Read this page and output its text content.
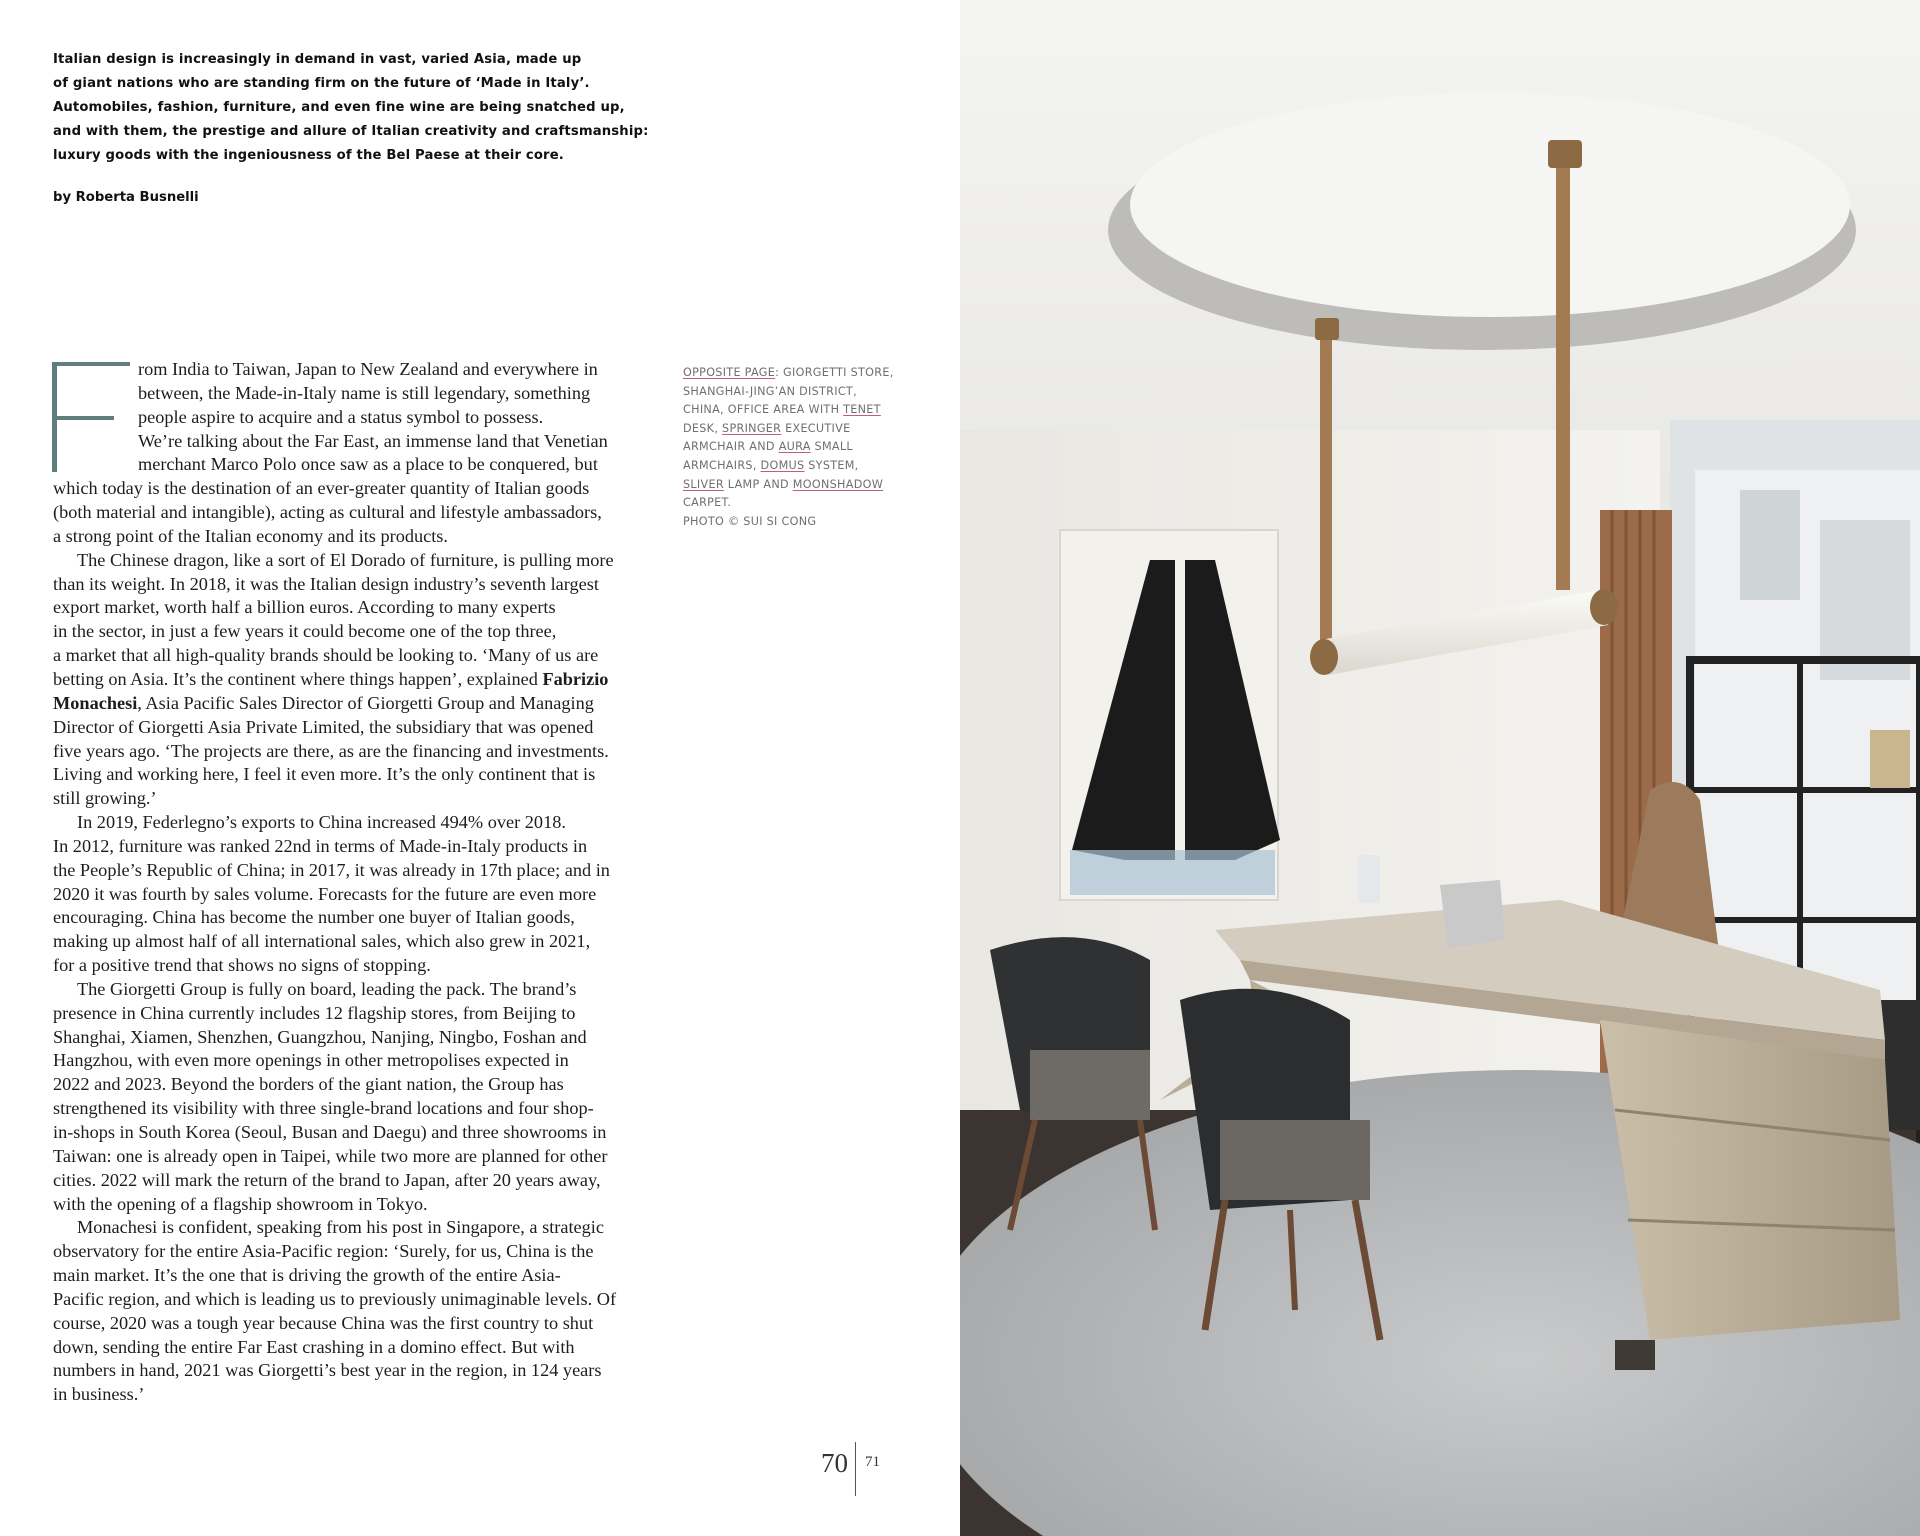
Italian design is increasingly in demand in vast, varied Asia, made up
of giant nations who are standing firm on the future of ‘Made in Italy’.
Automobiles, fashion, furniture, and even fine wine are being snatched up,
and with them, the prestige and allure of Italian creativity and craftsmanship:
luxury goods with the ingeniousness of the Bel Paese at their core.
by Roberta Busnelli
F
rom India to Taiwan, Japan to New Zealand and everywhere in
between, the Made-in-Italy name is still legendary, something
people aspire to acquire and a status symbol to possess.
We’re talking about the Far East, an immense land that Venetian
merchant Marco Polo once saw as a place to be conquered, but
which today is the destination of an ever-greater quantity of Italian goods
(both material and intangible), acting as cultural and lifestyle ambassadors,
a strong point of the Italian economy and its products.
The Chinese dragon, like a sort of El Dorado of furniture, is pulling more
than its weight. In 2018, it was the Italian design industry’s seventh largest
export market, worth half a billion euros. According to many experts
in the sector, in just a few years it could become one of the top three,
a market that all high-quality brands should be looking to. ‘Many of us are
betting on Asia. It’s the continent where things happen’, explained Fabrizio
Monachesi, Asia Pacific Sales Director of Giorgetti Group and Managing
Director of Giorgetti Asia Private Limited, the subsidiary that was opened
five years ago. ‘The projects are there, as are the financing and investments.
Living and working here, I feel it even more. It’s the only continent that is
still growing.’
In 2019, Federlegno’s exports to China increased 494% over 2018.
In 2012, furniture was ranked 22nd in terms of Made-in-Italy products in
the People’s Republic of China; in 2017, it was already in 17th place; and in
2020 it was fourth by sales volume. Forecasts for the future are even more
encouraging. China has become the number one buyer of Italian goods,
making up almost half of all international sales, which also grew in 2021,
for a positive trend that shows no signs of stopping.
The Giorgetti Group is fully on board, leading the pack. The brand’s
presence in China currently includes 12 flagship stores, from Beijing to
Shanghai, Xiamen, Shenzhen, Guangzhou, Nanjing, Ningbo, Foshan and
Hangzhou, with even more openings in other metropolises expected in
2022 and 2023. Beyond the borders of the giant nation, the Group has
strengthened its visibility with three single-brand locations and four shop-
in-shops in South Korea (Seoul, Busan and Daegu) and three showrooms in
Taiwan: one is already open in Taipei, while two more are planned for other
cities. 2022 will mark the return of the brand to Japan, after 20 years away,
with the opening of a flagship showroom in Tokyo.
Monachesi is confident, speaking from his post in Singapore, a strategic
observatory for the entire Asia-Pacific region: ‘Surely, for us, China is the
main market. It’s the one that is driving the growth of the entire Asia-
Pacific region, and which is leading us to previously unimaginable levels. Of
course, 2020 was a tough year because China was the first country to shut
down, sending the entire Far East crashing in a domino effect. But with
numbers in hand, 2021 was Giorgetti’s best year in the region, in 124 years
in business.’
OPPOSITE PAGE: GIORGETTI STORE,
SHANGHAI-JING’AN DISTRICT,
CHINA, OFFICE AREA WITH TENET
DESK, SPRINGER EXECUTIVE
ARMCHAIR AND AURA SMALL
ARMCHAIRS, DOMUS SYSTEM,
SLIVER LAMP AND MOONSHADOW
CARPET.
PHOTO © SUI SI CONG
70 71
